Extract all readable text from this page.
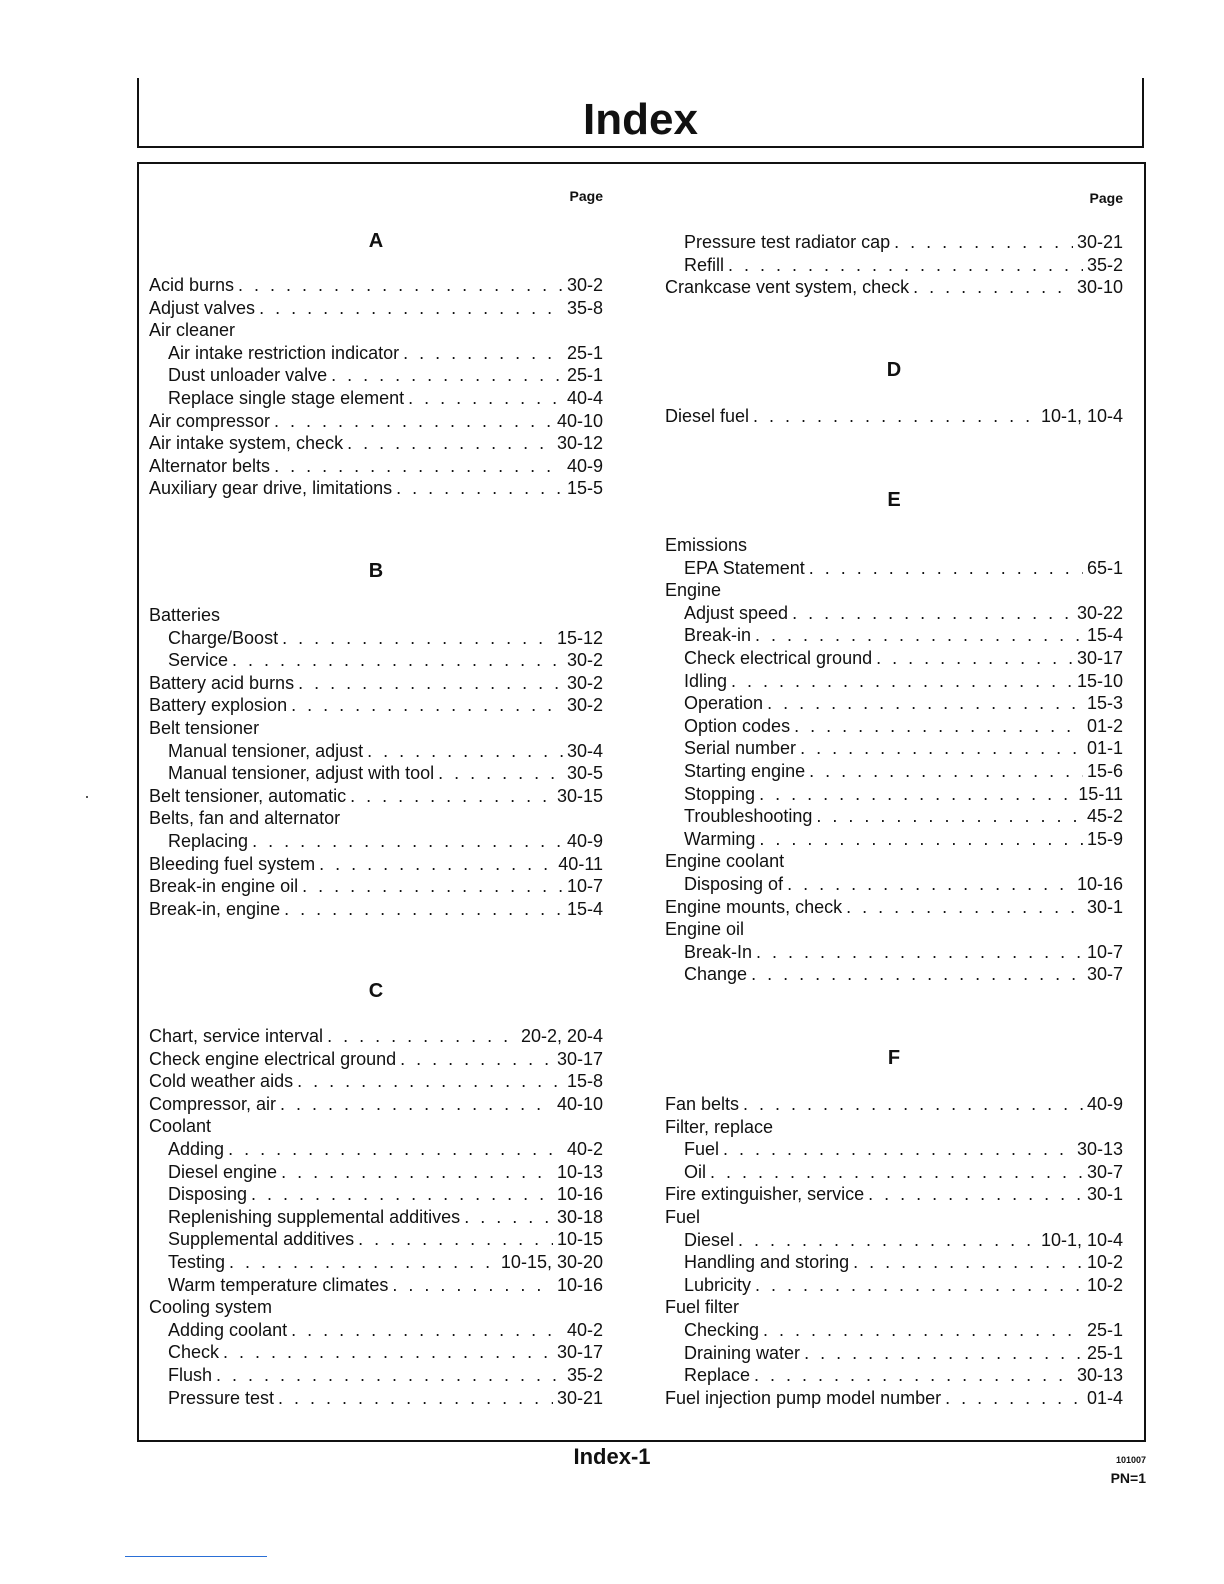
Index
Page
A
Acid burns . . .	30-2
Adjust valves . . .	35-8
Air cleaner
Air intake restriction indicator . . .	25-1
Dust unloader valve . . .	25-1
Replace single stage element . . .	40-4
Air compressor . . .	40-10
Air intake system, check . . .	30-12
Alternator belts . . .	40-9
Auxiliary gear drive, limitations . . .	15-5
B
Batteries
Charge/Boost . . .	15-12
Service . . .	30-2
Battery acid burns . . .	30-2
Battery explosion . . .	30-2
Belt tensioner
Manual tensioner, adjust . . .	30-4
Manual tensioner, adjust with tool . . .	30-5
Belt tensioner, automatic . . .	30-15
Belts, fan and alternator
Replacing . . .	40-9
Bleeding fuel system . . .	40-11
Break-in engine oil . . .	10-7
Break-in, engine . . .	15-4
C
Chart, service interval . . .	20-2, 20-4
Check engine electrical ground . . .	30-17
Cold weather aids . . .	15-8
Compressor, air . . .	40-10
Coolant
Adding . . .	40-2
Diesel engine . . .	10-13
Disposing . . .	10-16
Replenishing supplemental additives . . .	30-18
Supplemental additives . . .	10-15
Testing . . .	10-15, 30-20
Warm temperature climates . . .	10-16
Cooling system
Adding coolant . . .	40-2
Check . . .	30-17
Flush . . .	35-2
Pressure test . . .	30-21
Page
Pressure test radiator cap . . .	30-21
Refill . . .	35-2
Crankcase vent system, check . . .	30-10
D
Diesel fuel . . .	10-1, 10-4
E
Emissions
EPA Statement . . .	65-1
Engine
Adjust speed . . .	30-22
Break-in . . .	15-4
Check electrical ground . . .	30-17
Idling . . .	15-10
Operation . . .	15-3
Option codes . . .	01-2
Serial number . . .	01-1
Starting engine . . .	15-6
Stopping . . .	15-11
Troubleshooting . . .	45-2
Warming . . .	15-9
Engine coolant
Disposing of . . .	10-16
Engine mounts, check . . .	30-1
Engine oil
Break-In . . .	10-7
Change . . .	30-7
F
Fan belts . . .	40-9
Filter, replace
Fuel . . .	30-13
Oil . . .	30-7
Fire extinguisher, service . . .	30-1
Fuel
Diesel . . .	10-1, 10-4
Handling and storing . . .	10-2
Lubricity . . .	10-2
Fuel filter
Checking . . .	25-1
Draining water . . .	25-1
Replace . . .	30-13
Fuel injection pump model number . . .	01-4
Index-1	101007
PN=1
